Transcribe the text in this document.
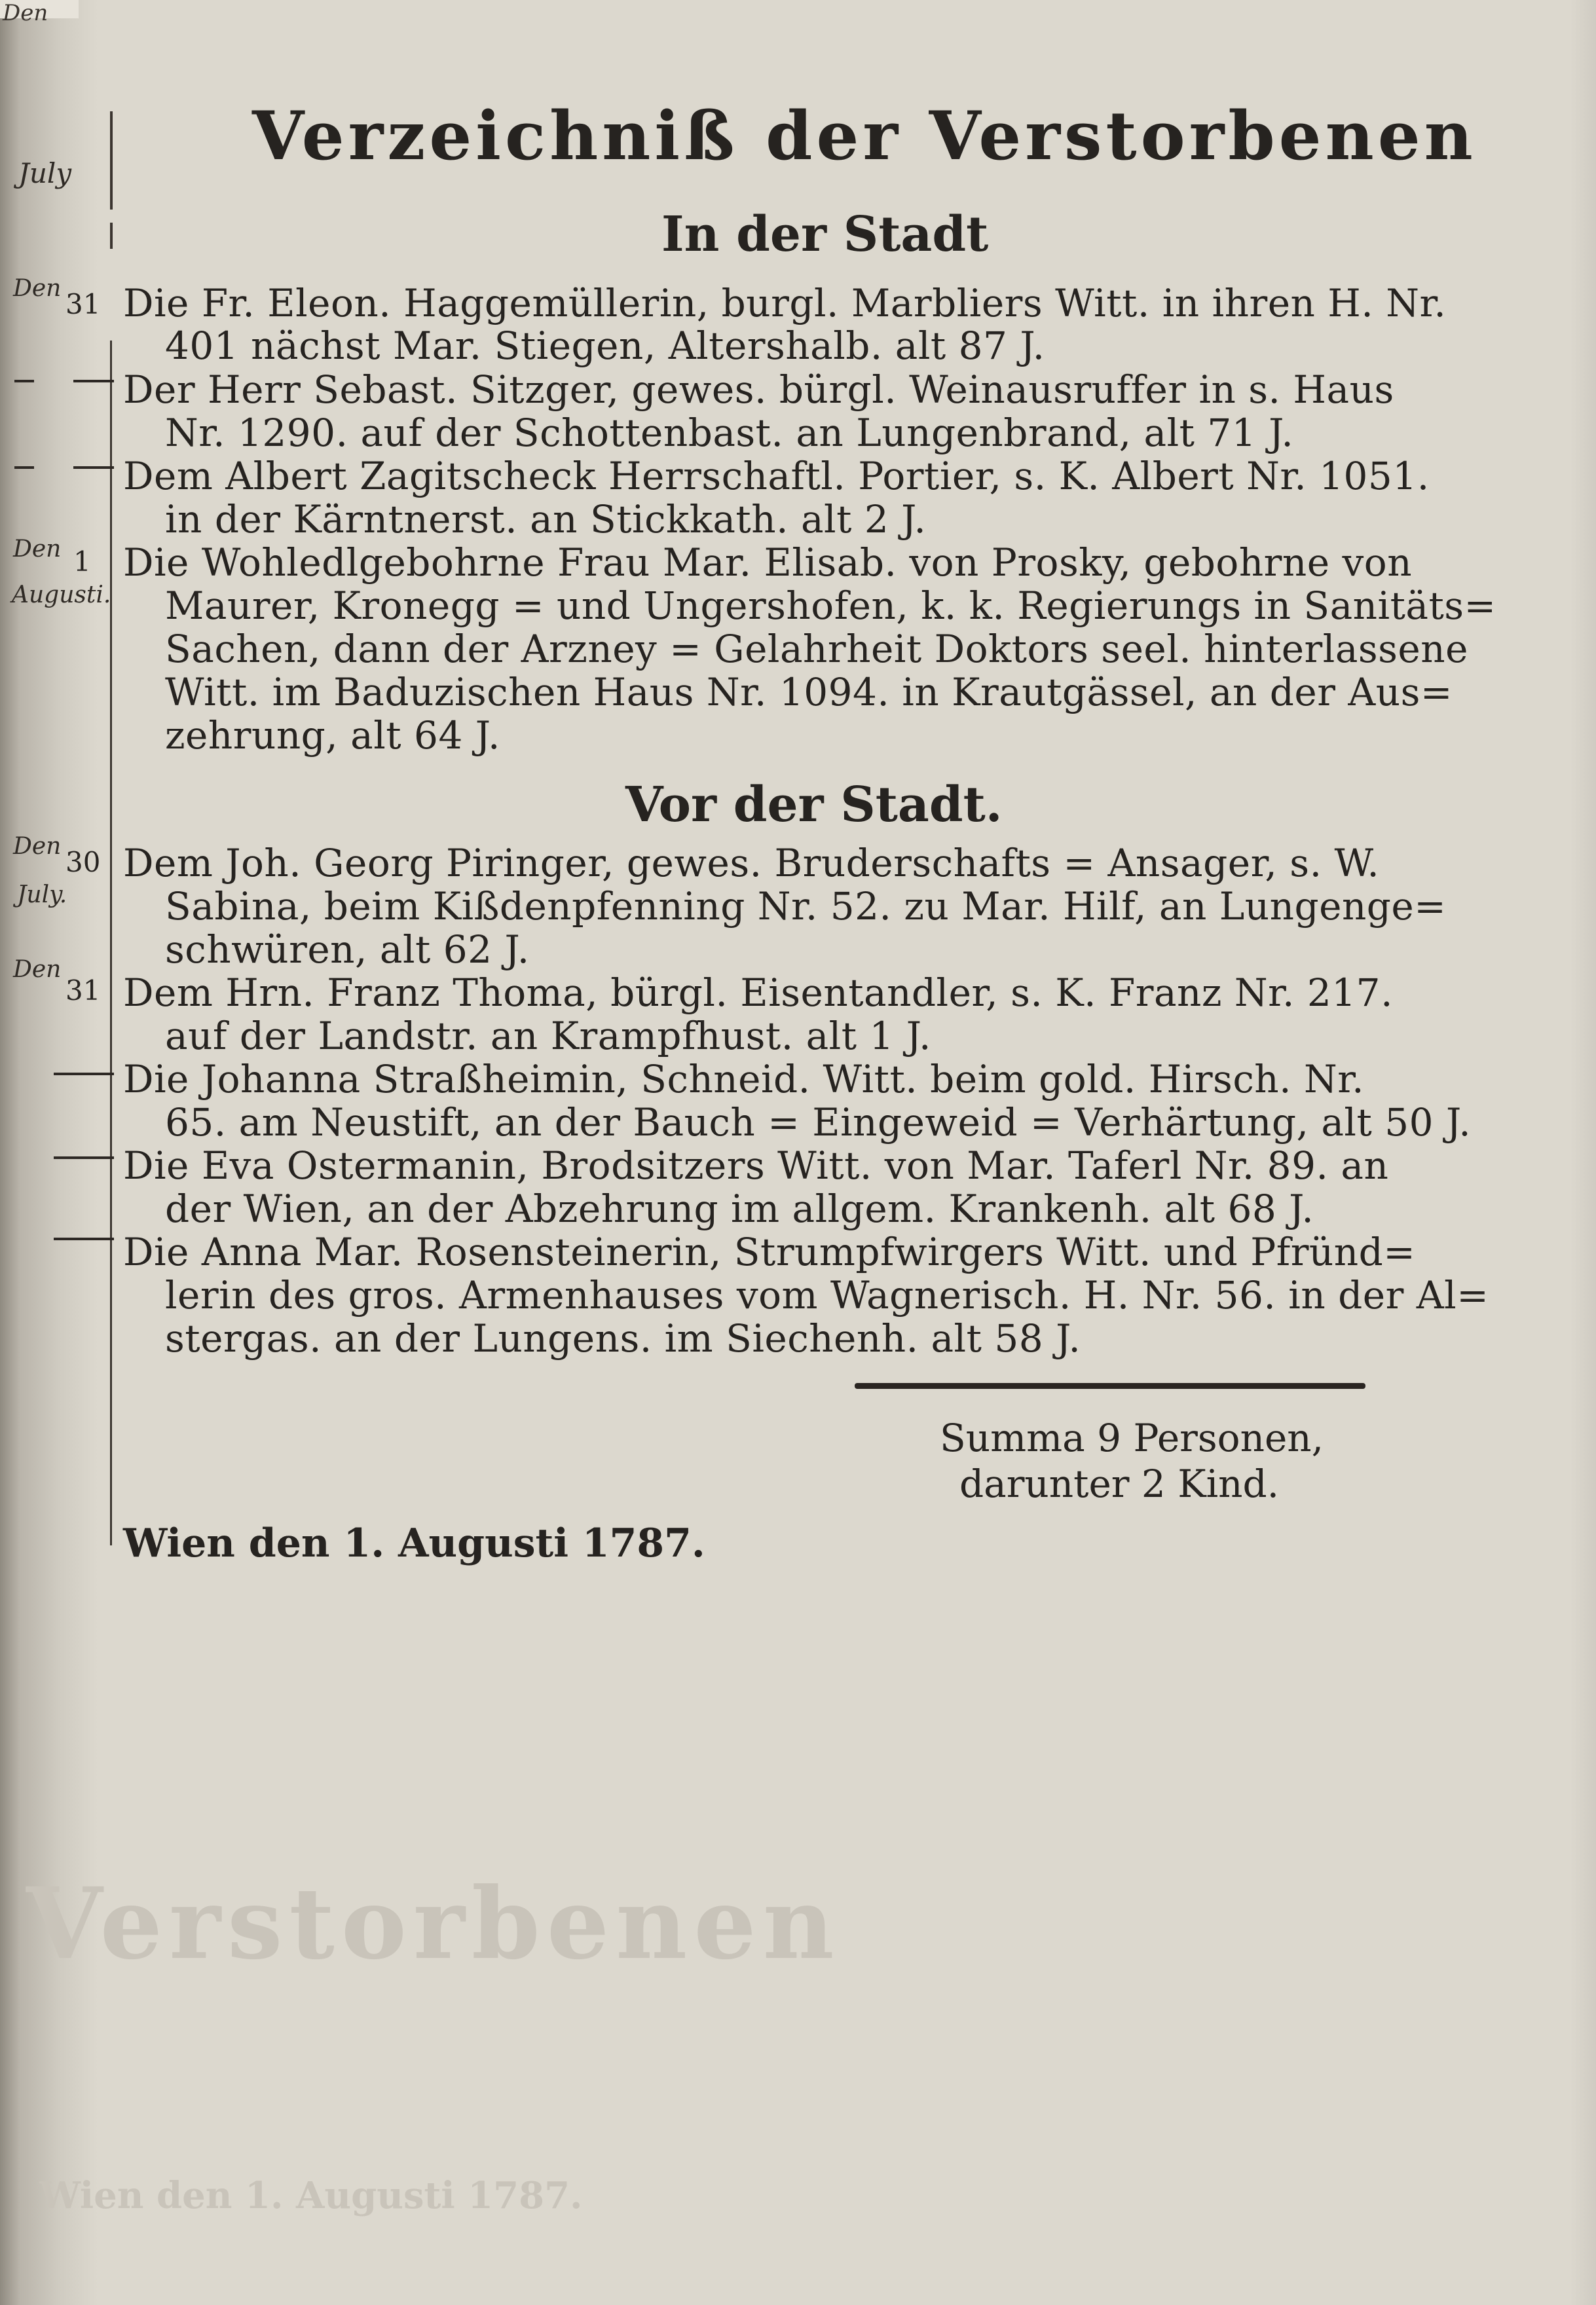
Den
Verstorbenen
Wien den 1. Augusti 1787.
Verzeichniß der Verstorbenen
In der Stadt
July
Den
Den
Augusti.
Den
July.
Den
31
1
30
31
Die Fr. Eleon. Haggemüllerin, burgl. Marbliers Witt. in ihren H. Nr.
401 nächst Mar. Stiegen, Altershalb. alt 87 J.
Der Herr Sebast. Sitzger, gewes. bürgl. Weinausruffer in s. Haus
Nr. 1290. auf der Schottenbast. an Lungenbrand, alt 71 J.
Dem Albert Zagitscheck Herrschaftl. Portier, s. K. Albert Nr. 1051.
in der Kärntnerst. an Stickkath. alt 2 J.
Die Wohledlgebohrne Frau Mar. Elisab. von Prosky, gebohrne von
Maurer, Kronegg = und Ungershofen, k. k. Regierungs in Sanitäts=
Sachen, dann der Arzney = Gelahrheit Doktors seel. hinterlassene
Witt. im Baduzischen Haus Nr. 1094. in Krautgässel, an der Aus=
zehrung, alt 64 J.
Vor der Stadt.
Dem Joh. Georg Piringer, gewes. Bruderschafts = Ansager, s. W.
Sabina, beim Kißdenpfenning Nr. 52. zu Mar. Hilf, an Lungenge=
schwüren, alt 62 J.
Dem Hrn. Franz Thoma, bürgl. Eisentandler, s. K. Franz Nr. 217.
auf der Landstr. an Krampfhust. alt 1 J.
Die Johanna Straßheimin, Schneid. Witt. beim gold. Hirsch. Nr.
65. am Neustift, an der Bauch = Eingeweid = Verhärtung, alt 50 J.
Die Eva Ostermanin, Brodsitzers Witt. von Mar. Taferl Nr. 89. an
der Wien, an der Abzehrung im allgem. Krankenh. alt 68 J.
Die Anna Mar. Rosensteinerin, Strumpfwirgers Witt. und Pfründ=
lerin des gros. Armenhauses vom Wagnerisch. H. Nr. 56. in der Al=
stergas. an der Lungens. im Siechenh. alt 58 J.
Summa 9 Personen,
darunter 2 Kind.
Wien den 1. Augusti 1787.
